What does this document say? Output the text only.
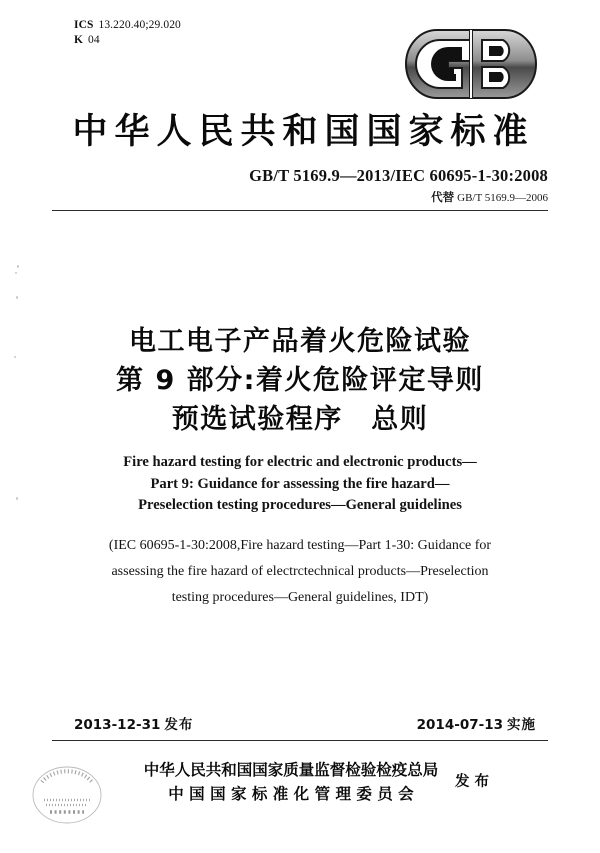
ICS 13.220.40;29.020
K 04
中华人民共和国国家标准
GB/T 5169.9—2013/IEC 60695-1-30:2008
代替 GB/T 5169.9—2006
电工电子产品着火危险试验
第 9 部分:着火危险评定导则
预选试验程序　总则
Fire hazard testing for electric and electronic products—
Part 9: Guidance for assessing the fire hazard—
Preselection testing procedures—General guidelines
(IEC 60695-1-30:2008,Fire hazard testing—Part 1-30: Guidance for
assessing the fire hazard of electrctechnical products—Preselection
testing procedures—General guidelines, IDT)
2013-12-31 发布	2014-07-13 实施
中华人民共和国国家质量监督检验检疫总局
中国国家标准化管理委员会
发布
